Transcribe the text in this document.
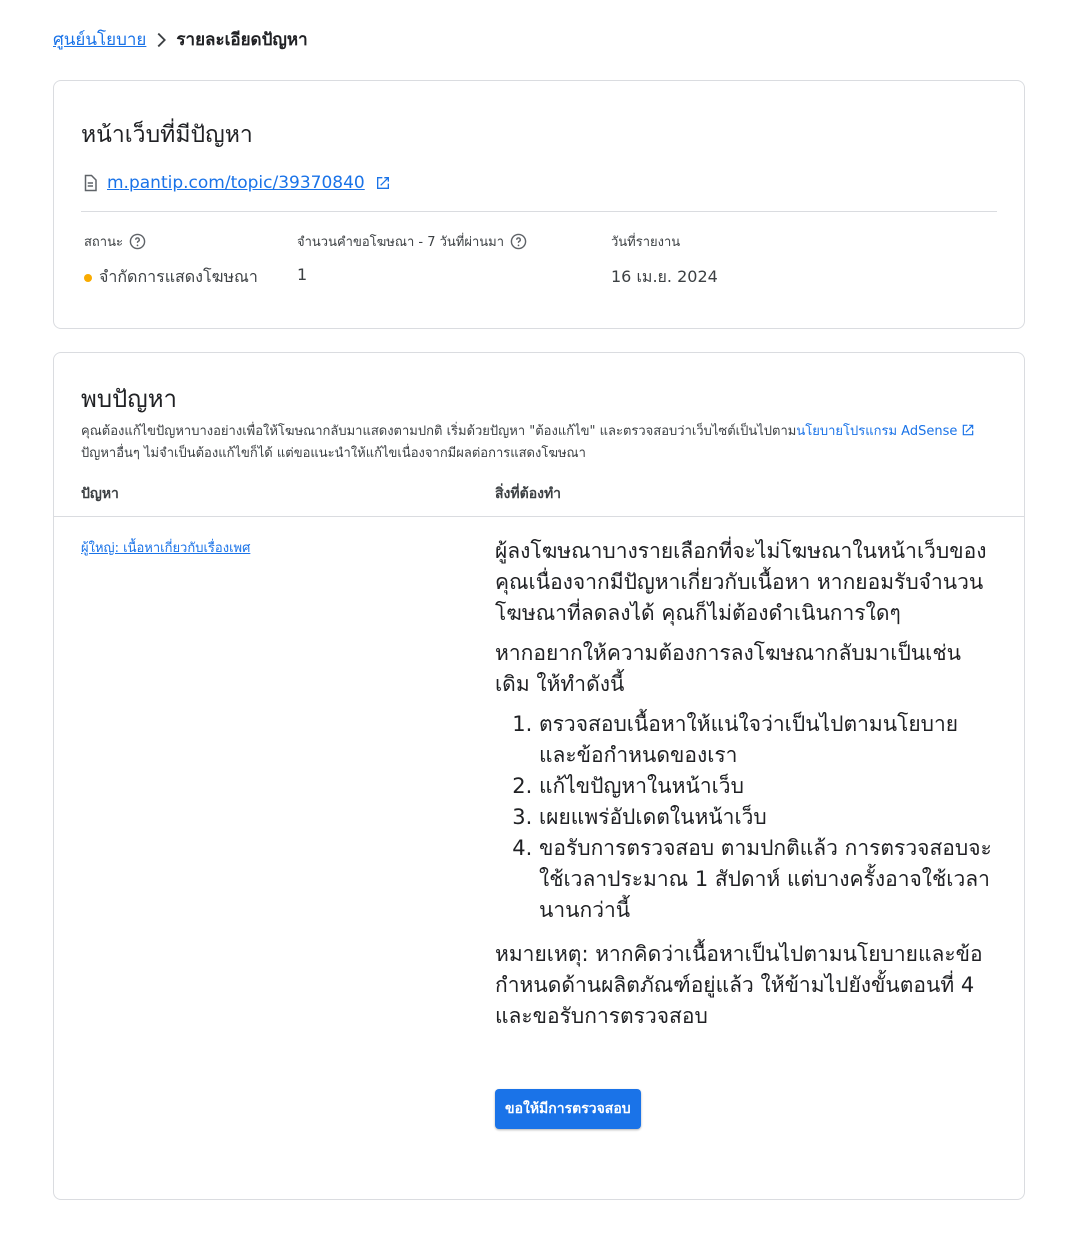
ศูนย์นโยบาย รายละเอียดปัญหา
หน้าเว็บที่มีปัญหา
m.pantip.com/topic/39370840
สถานะ
จำกัดการแสดงโฆษณา
จำนวนคำขอโฆษณา - 7 วันที่ผ่านมา
1
วันที่รายงาน
16 เม.ย. 2024
พบปัญหา
คุณต้องแก้ไขปัญหาบางอย่างเพื่อให้โฆษณากลับมาแสดงตามปกติ เริ่มด้วยปัญหา "ต้องแก้ไข" และตรวจสอบว่าเว็บไซต์เป็นไปตามนโยบายโปรแกรม AdSenseปัญหาอื่นๆ ไม่จำเป็นต้องแก้ไขก็ได้ แต่ขอแนะนำให้แก้ไขเนื่องจากมีผลต่อการแสดงโฆษณา
ปัญหา	สิ่งที่ต้องทำ
ผู้ใหญ่: เนื้อหาเกี่ยวกับเรื่องเพศ	ผู้ลงโฆษณาบางรายเลือกที่จะไม่โฆษณาในหน้าเว็บของคุณเนื่องจากมีปัญหาเกี่ยวกับเนื้อหา หากยอมรับจำนวนโฆษณาที่ลดลงได้ คุณก็ไม่ต้องดำเนินการใดๆ

หากอยากให้ความต้องการลงโฆษณากลับมาเป็นเช่นเดิม ให้ทำดังนี้

1. ตรวจสอบเนื้อหาให้แน่ใจว่าเป็นไปตามนโยบายและข้อกำหนดของเรา
2. แก้ไขปัญหาในหน้าเว็บ
3. เผยแพร่อัปเดตในหน้าเว็บ
4. ขอรับการตรวจสอบ ตามปกติแล้ว การตรวจสอบจะใช้เวลาประมาณ 1 สัปดาห์ แต่บางครั้งอาจใช้เวลานานกว่านี้

หมายเหตุ: หากคิดว่าเนื้อหาเป็นไปตามนโยบายและข้อกำหนดด้านผลิตภัณฑ์อยู่แล้ว ให้ข้ามไปยังขั้นตอนที่ 4 และขอรับการตรวจสอบ

ขอให้มีการตรวจสอบ
